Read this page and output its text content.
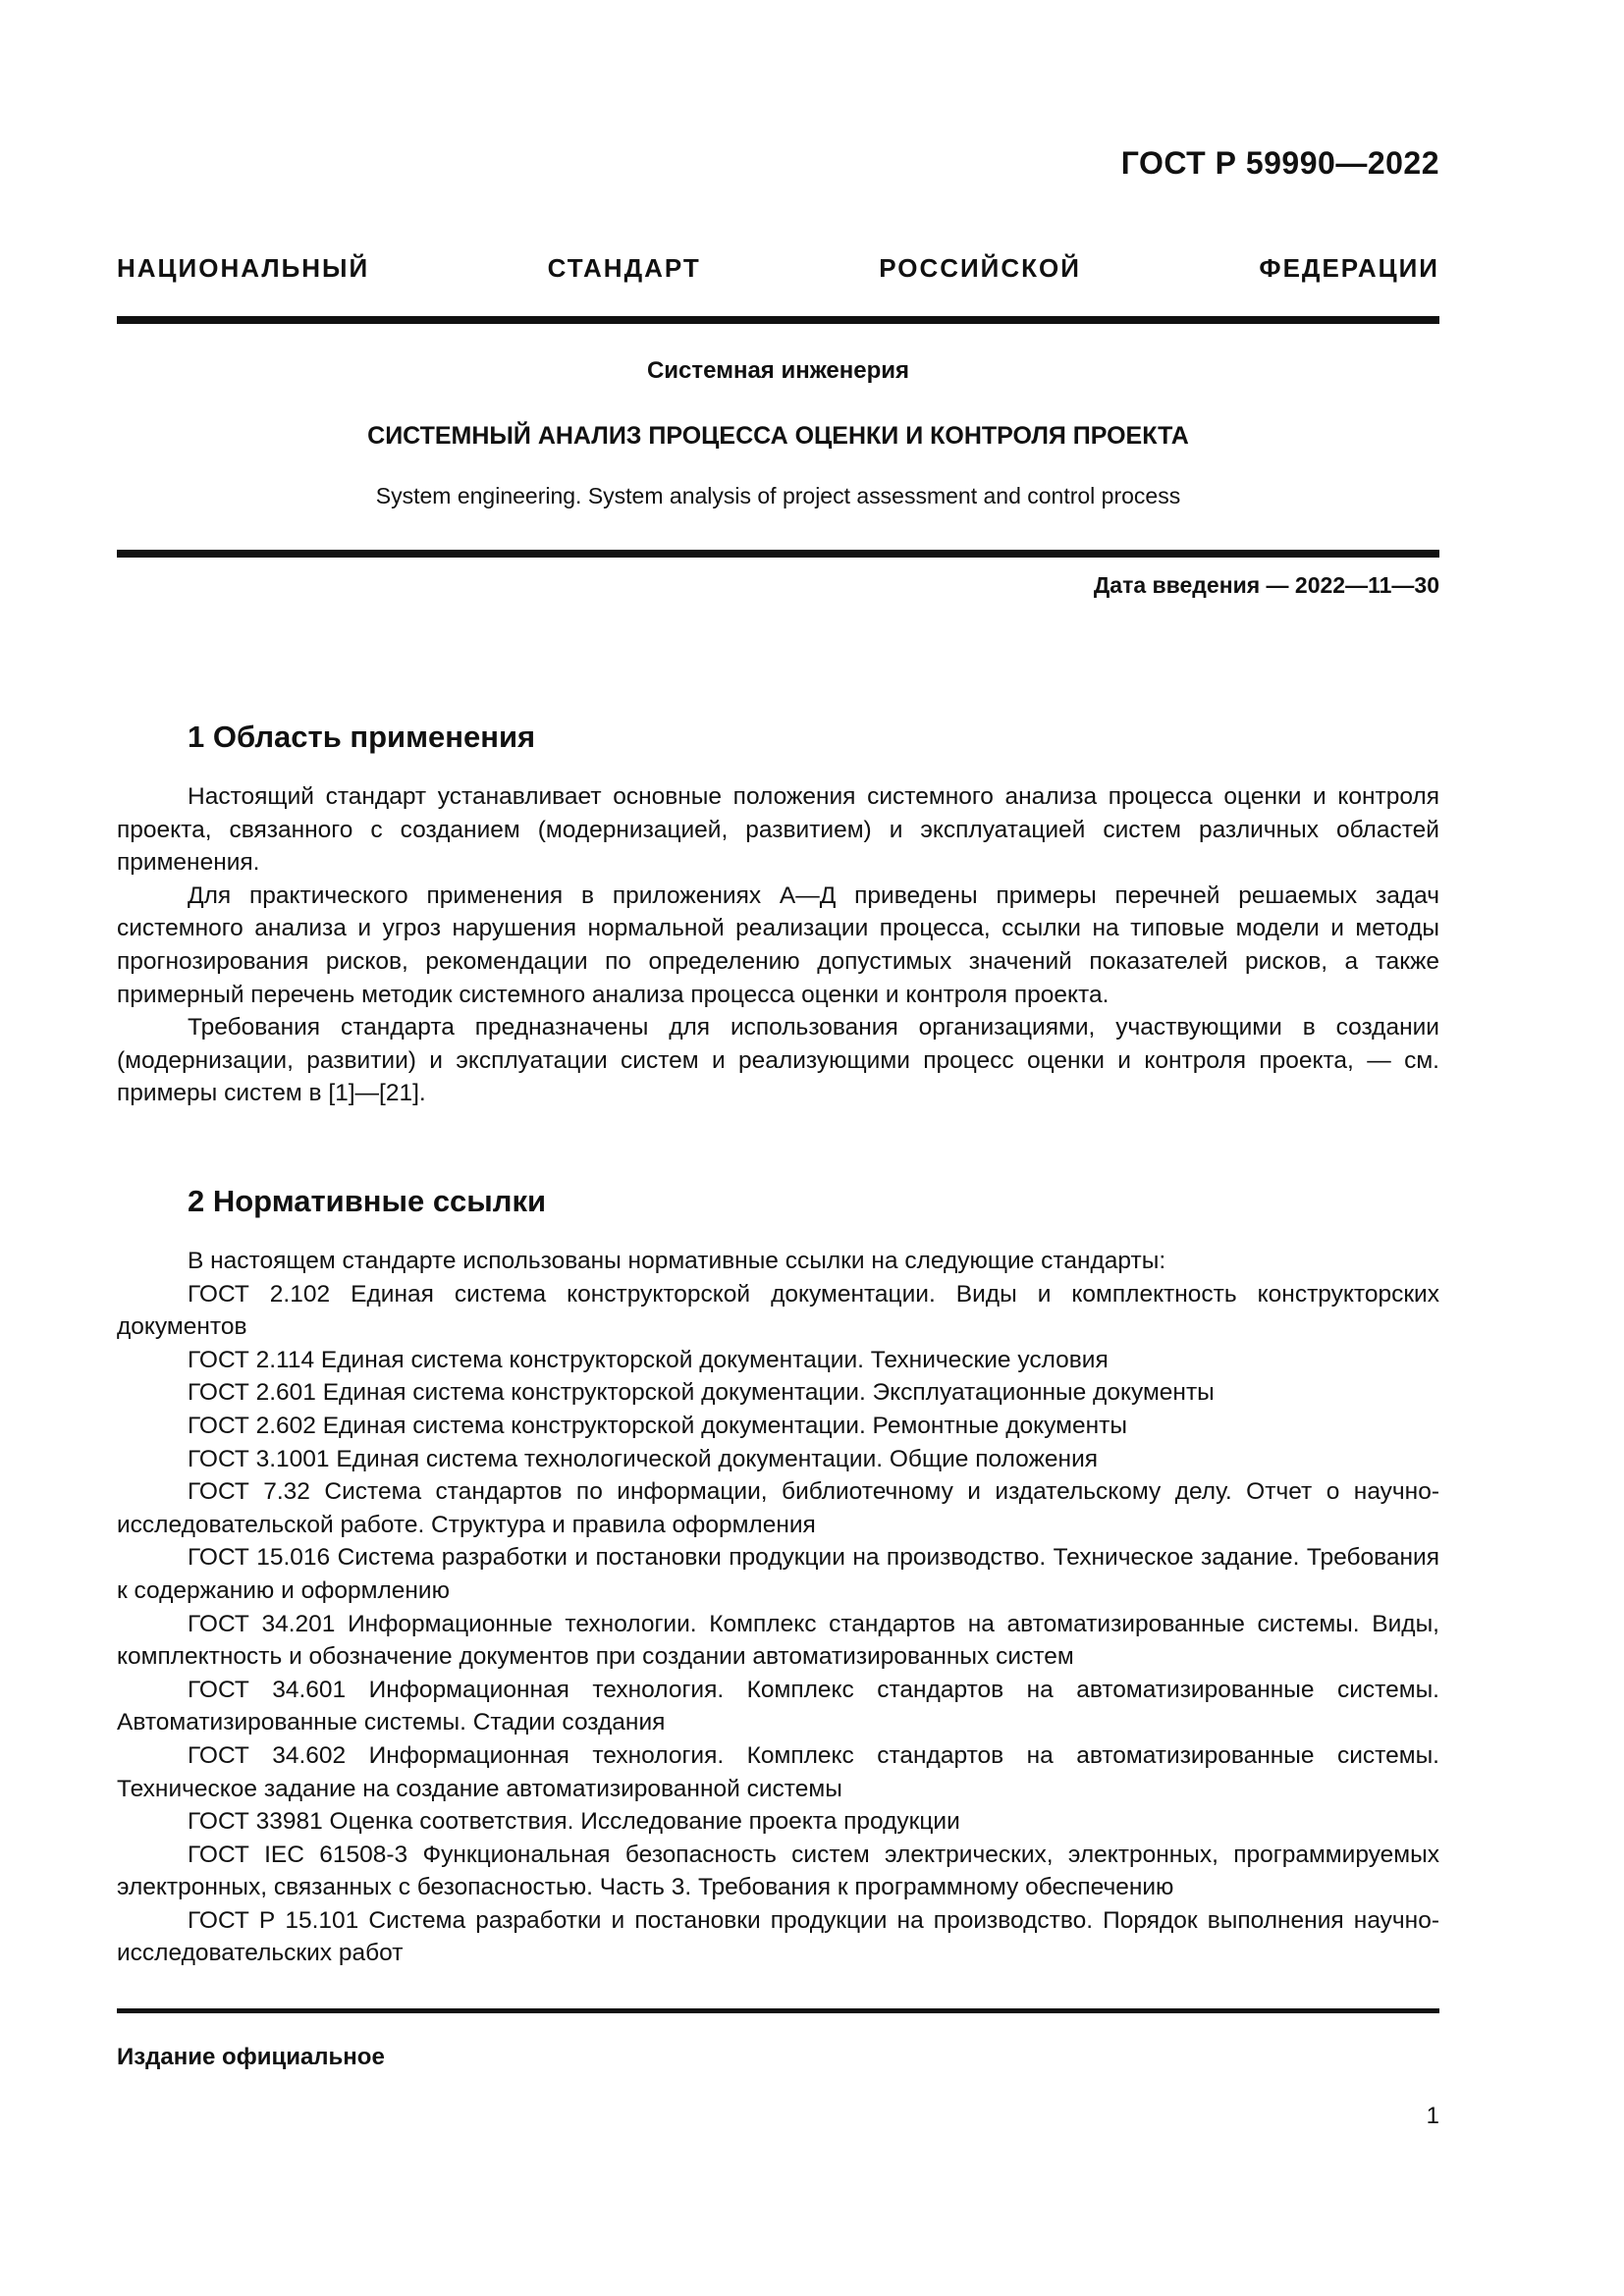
ГОСТ Р 59990—2022
НАЦИОНАЛЬНЫЙ СТАНДАРТ РОССИЙСКОЙ ФЕДЕРАЦИИ
Системная инженерия
СИСТЕМНЫЙ АНАЛИЗ ПРОЦЕССА ОЦЕНКИ И КОНТРОЛЯ ПРОЕКТА
System engineering. System analysis of project assessment and control process
Дата введения — 2022—11—30
1 Область применения

Настоящий стандарт устанавливает основные положения системного анализа процесса оценки и контроля проекта, связанного с созданием (модернизацией, развитием) и эксплуатацией систем различных областей применения.

Для практического применения в приложениях А—Д приведены примеры перечней решаемых задач системного анализа и угроз нарушения нормальной реализации процесса, ссылки на типовые модели и методы прогнозирования рисков, рекомендации по определению допустимых значений показателей рисков, а также примерный перечень методик системного анализа процесса оценки и контроля проекта.

Требования стандарта предназначены для использования организациями, участвующими в создании (модернизации, развитии) и эксплуатации систем и реализующими процесс оценки и контроля проекта, — см. примеры систем в [1]—[21].

2 Нормативные ссылки

В настоящем стандарте использованы нормативные ссылки на следующие стандарты:

ГОСТ 2.102 Единая система конструкторской документации. Виды и комплектность конструкторских документов

ГОСТ 2.114 Единая система конструкторской документации. Технические условия

ГОСТ 2.601 Единая система конструкторской документации. Эксплуатационные документы

ГОСТ 2.602 Единая система конструкторской документации. Ремонтные документы

ГОСТ 3.1001 Единая система технологической документации. Общие положения

ГОСТ 7.32 Система стандартов по информации, библиотечному и издательскому делу. Отчет о научно-исследовательской работе. Структура и правила оформления

ГОСТ 15.016 Система разработки и постановки продукции на производство. Техническое задание. Требования к содержанию и оформлению

ГОСТ 34.201 Информационные технологии. Комплекс стандартов на автоматизированные системы. Виды, комплектность и обозначение документов при создании автоматизированных систем

ГОСТ 34.601 Информационная технология. Комплекс стандартов на автоматизированные системы. Автоматизированные системы. Стадии создания

ГОСТ 34.602 Информационная технология. Комплекс стандартов на автоматизированные системы. Техническое задание на создание автоматизированной системы

ГОСТ 33981 Оценка соответствия. Исследование проекта продукции

ГОСТ IEC 61508-3 Функциональная безопасность систем электрических, электронных, программируемых электронных, связанных с безопасностью. Часть 3. Требования к программному обеспечению

ГОСТ Р 15.101 Система разработки и постановки продукции на производство. Порядок выполнения научно-исследовательских работ

Издание официальное
1
